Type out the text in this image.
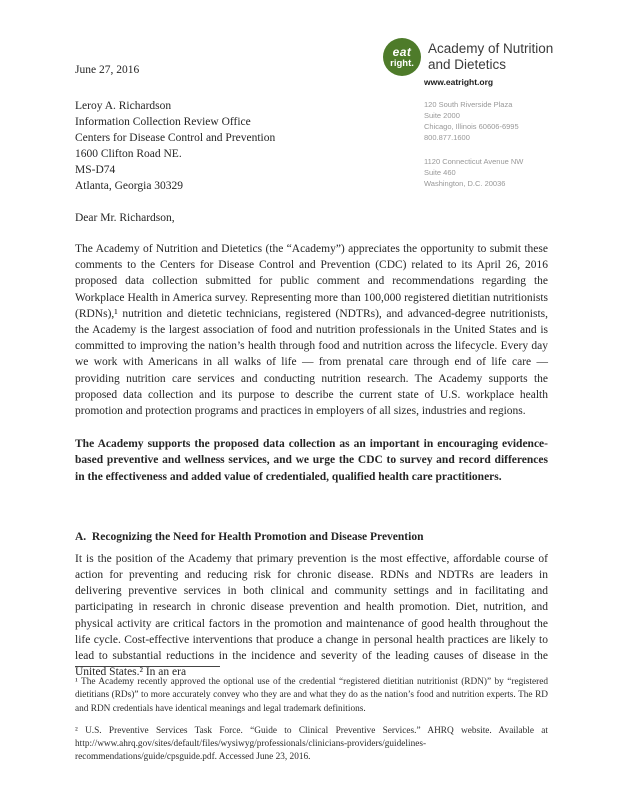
eat
right.
Academy of Nutrition
and Dietetics
www.eatright.org
120 South Riverside Plaza
Suite 2000
Chicago, Illinois 60606-6995
800.877.1600
1120 Connecticut Avenue NW
Suite 460
Washington, D.C. 20036
June 27, 2016
Leroy A. Richardson
Information Collection Review Office
Centers for Disease Control and Prevention
1600 Clifton Road NE.
MS-D74
Atlanta, Georgia 30329
Dear Mr. Richardson,
The Academy of Nutrition and Dietetics (the “Academy”) appreciates the opportunity to submit these comments to the Centers for Disease Control and Prevention (CDC) related to its April 26, 2016 proposed data collection submitted for public comment and recommendations regarding the Workplace Health in America survey. Representing more than 100,000 registered dietitian nutritionists (RDNs),¹ nutrition and dietetic technicians, registered (NDTRs), and advanced-degree nutritionists, the Academy is the largest association of food and nutrition professionals in the United States and is committed to improving the nation’s health through food and nutrition across the lifecycle. Every day we work with Americans in all walks of life — from prenatal care through end of life care — providing nutrition care services and conducting nutrition research. The Academy supports the proposed data collection and its purpose to describe the current state of U.S. workplace health promotion and protection programs and practices in employers of all sizes, industries and regions.
The Academy supports the proposed data collection as an important in encouraging evidence-based preventive and wellness services, and we urge the CDC to survey and record differences in the effectiveness and added value of credentialed, qualified health care practitioners.
A.  Recognizing the Need for Health Promotion and Disease Prevention
It is the position of the Academy that primary prevention is the most effective, affordable course of action for preventing and reducing risk for chronic disease. RDNs and NDTRs are leaders in delivering preventive services in both clinical and community settings and in facilitating and participating in research in chronic disease prevention and health promotion. Diet, nutrition, and physical activity are critical factors in the promotion and maintenance of good health throughout the life cycle. Cost-effective interventions that produce a change in personal health practices are likely to lead to substantial reductions in the incidence and severity of the leading causes of disease in the United States.² In an era
¹ The Academy recently approved the optional use of the credential “registered dietitian nutritionist (RDN)” by “registered dietitians (RDs)” to more accurately convey who they are and what they do as the nation’s food and nutrition experts. The RD and RDN credentials have identical meanings and legal trademark definitions.
² U.S. Preventive Services Task Force. “Guide to Clinical Preventive Services.” AHRQ website. Available at http://www.ahrq.gov/sites/default/files/wysiwyg/professionals/clinicians-providers/guidelines-recommendations/guide/cpsguide.pdf. Accessed June 23, 2016.
